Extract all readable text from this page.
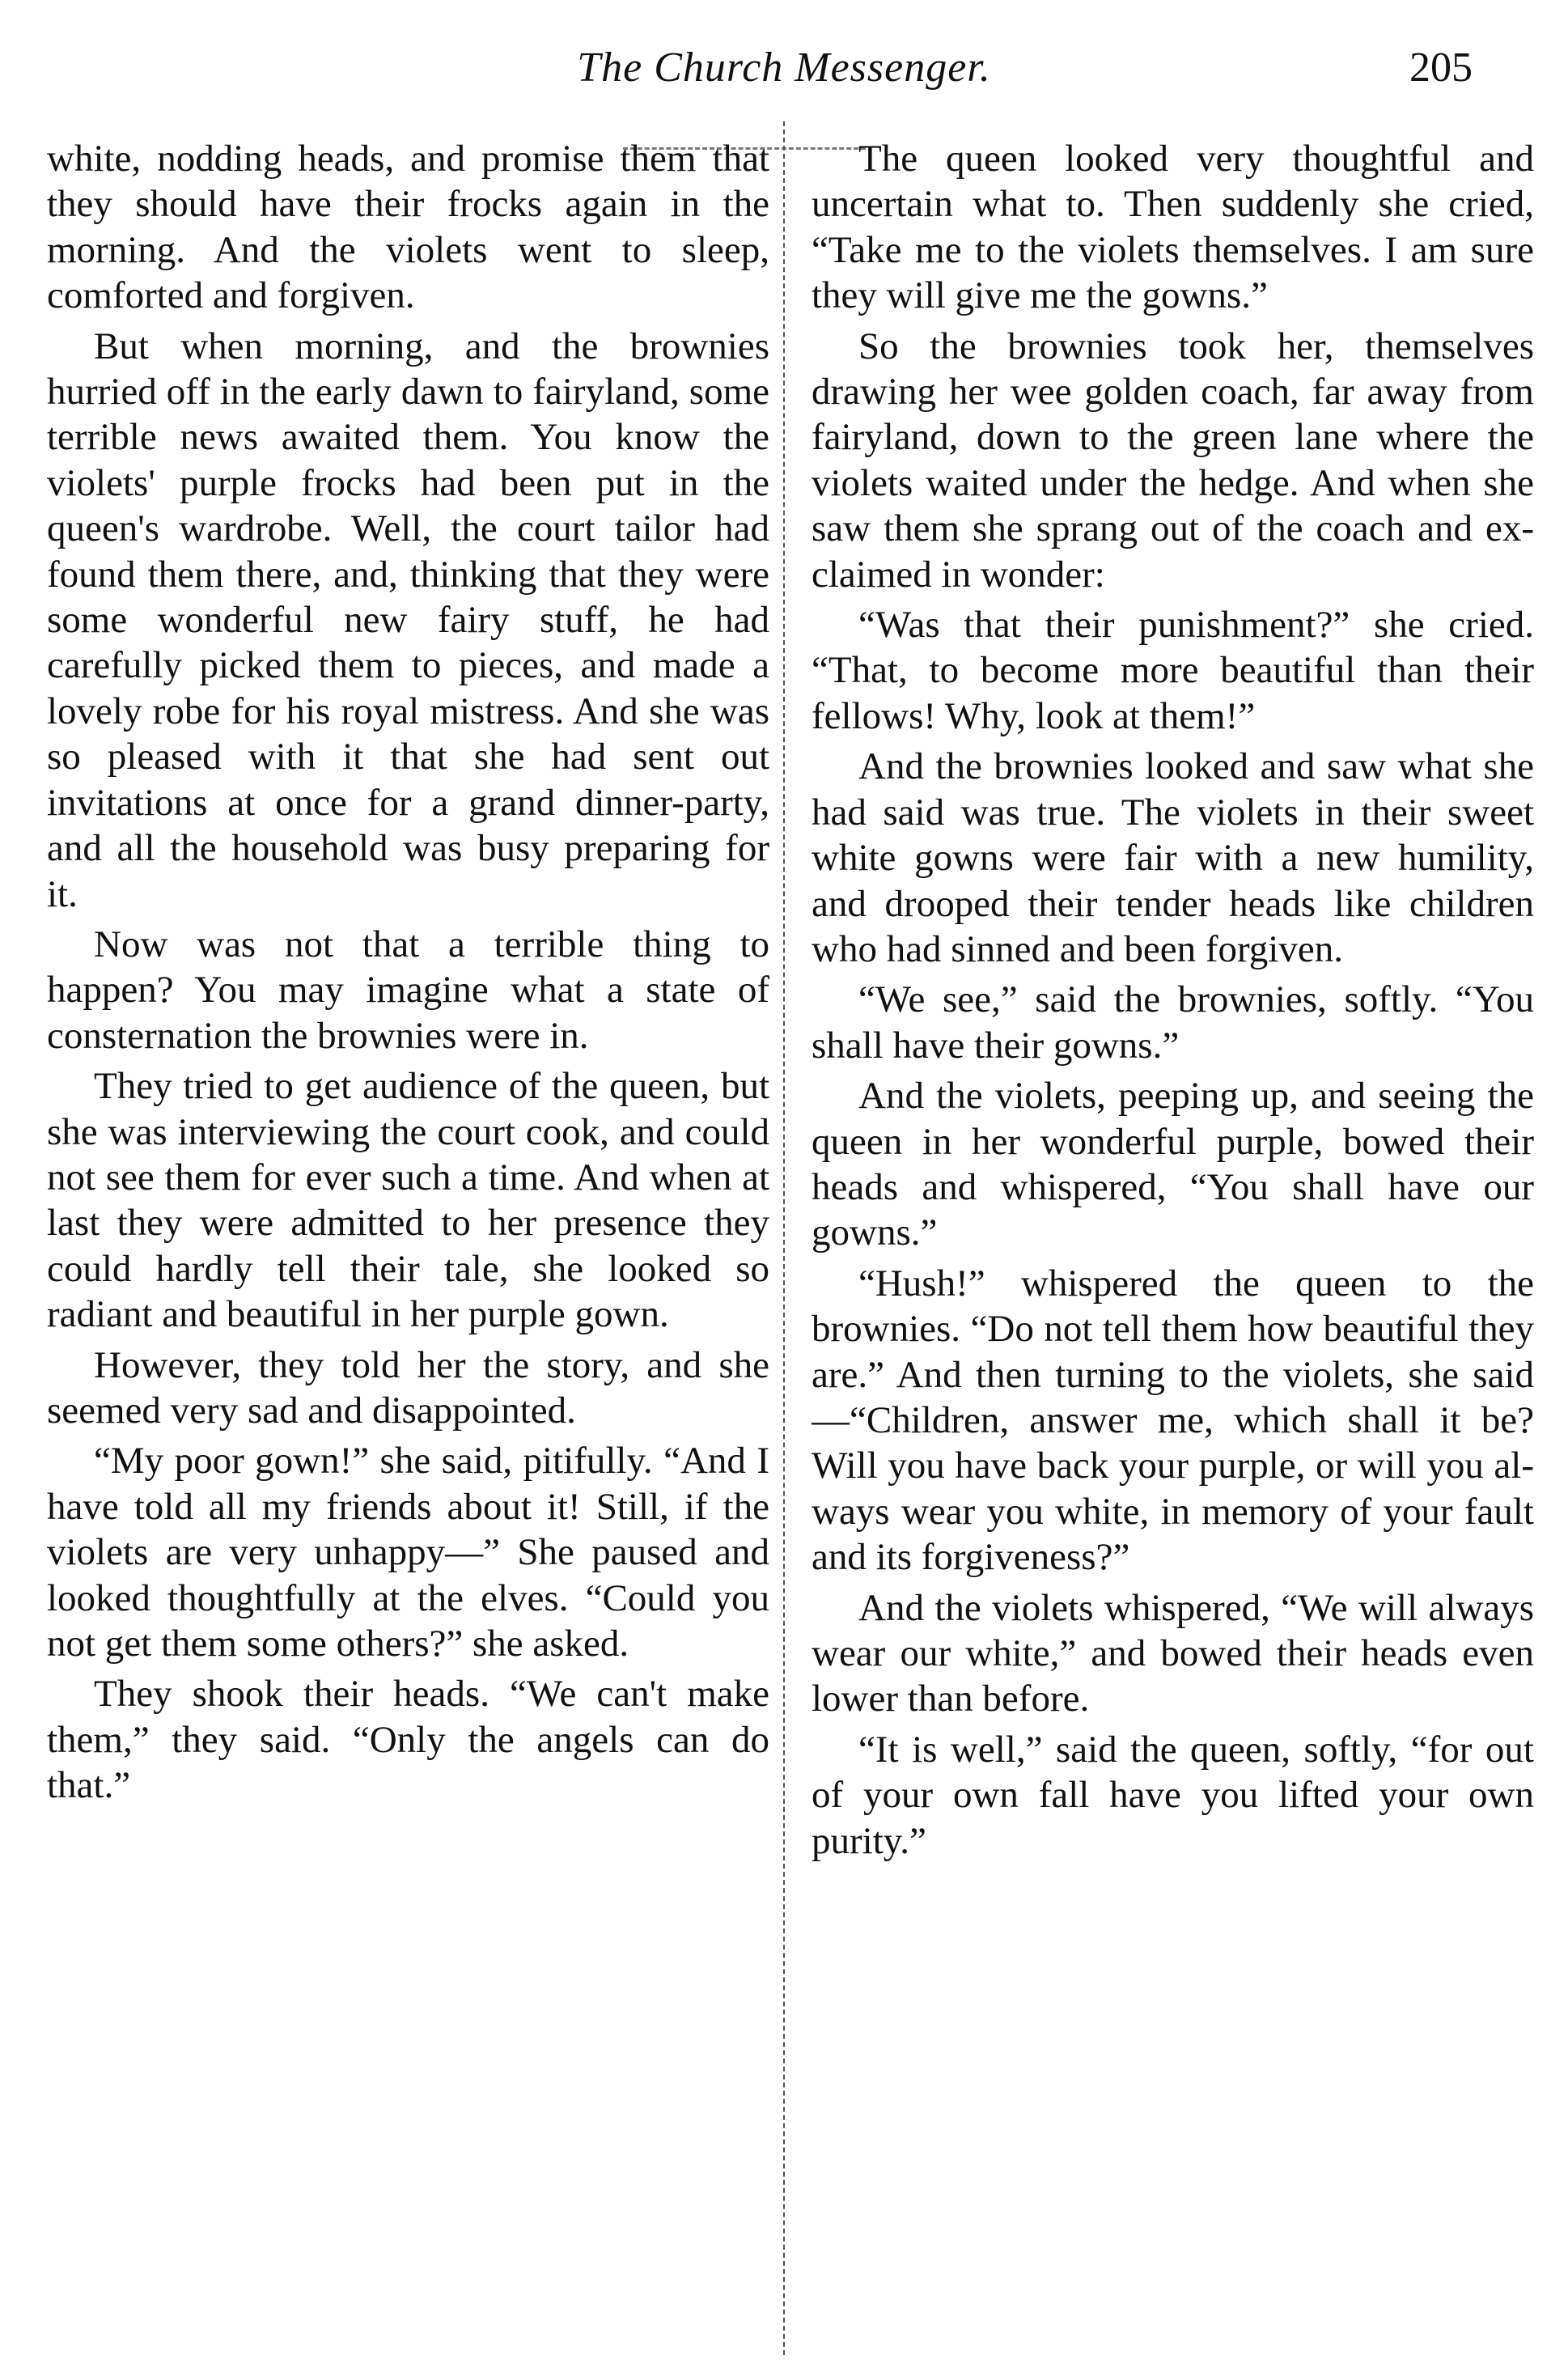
The Church Messenger.	205

white, nodding heads, and promise them that they should have their frocks again in the morning. And the violets went to sleep, comforted and forgiven.

But when morning, and the brownies hurried off in the early dawn to fairyland, some terrible news awaited them. You know the violets' purple frocks had been put in the queen's wardrobe. Well, the court tailor had found them there, and, thinking that they were some wonderful new fairy stuff, he had carefully picked them to pieces, and made a lovely robe for his royal mistress. And she was so pleased with it that she had sent out invitations at once for a grand dinner-party, and all the household was busy preparing for it.

Now was not that a terrible thing to happen? You may imagine what a state of consternation the brownies were in.

They tried to get audience of the queen, but she was interviewing the court cook, and could not see them for ever such a time. And when at last they were admitted to her presence they could hardly tell their tale, she looked so radiant and beautiful in her purple gown.

However, they told her the story, and she seemed very sad and disappointed.

“My poor gown!” she said, pitifully. “And I have told all my friends about it! Still, if the violets are very unhappy—” She paused and looked thoughtfully at the elves. “Could you not get them some others?” she asked.

They shook their heads. “We can't make them,” they said. “Only the angels can do that.”

The queen looked very thoughtful and uncertain what to. Then suddenly she cried, “Take me to the violets themselves. I am sure they will give me the gowns.”

So the brownies took her, themselves drawing her wee golden coach, far away from fairyland, down to the green lane where the violets waited under the hedge. And when she saw them she sprang out of the coach and exclaimed in wonder:

“Was that their punishment?” she cried. “That, to become more beautiful than their fellows! Why, look at them!”

And the brownies looked and saw what she had said was true. The violets in their sweet white gowns were fair with a new humility, and drooped their tender heads like children who had sinned and been forgiven.

“We see,” said the brownies, softly. “You shall have their gowns.”

And the violets, peeping up, and seeing the queen in her wonderful purple, bowed their heads and whispered, “You shall have our gowns.”

“Hush!” whispered the queen to the brownies. “Do not tell them how beautiful they are.” And then turning to the violets, she said—“Children, answer me, which shall it be? Will you have back your purple, or will you always wear you white, in memory of your fault and its forgiveness?”

And the violets whispered, “We will always wear our white,” and bowed their heads even lower than before.

“It is well,” said the queen, softly, “for out of your own fall have you lifted your own purity.”
